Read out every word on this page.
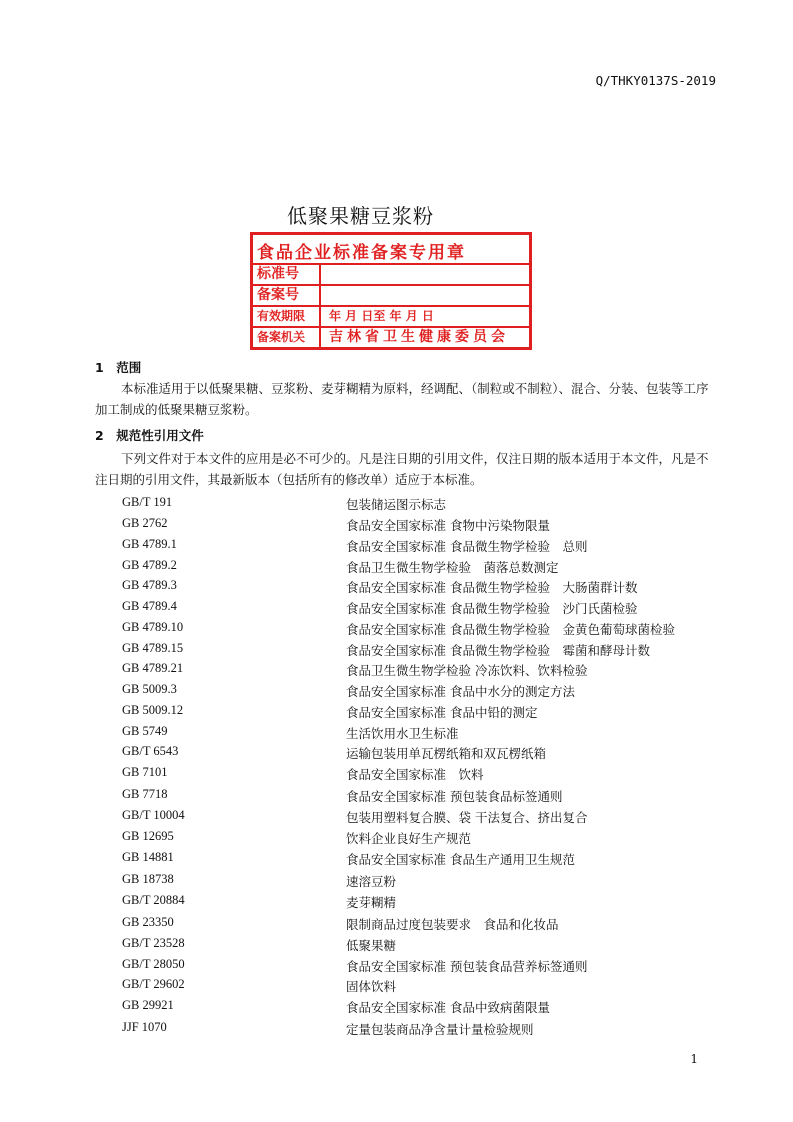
Q/THKY0137S-2019
低聚果糖豆浆粉
食品企业标准备案专用章
标准号
备案号
有效期限	年 月 日至 年 月 日
备案机关	吉林省卫生健康委员会
1　范围
本标准适用于以低聚果糖、豆浆粉、麦芽糊精为原料，经调配、（制粒或不制粒）、混合、分装、包装等工序加工制成的低聚果糖豆浆粉。
2　规范性引用文件
下列文件对于本文件的应用是必不可少的。凡是注日期的引用文件，仅注日期的版本适用于本文件，凡是不注日期的引用文件，其最新版本（包括所有的修改单）适应于本标准。
GB/T 191	包装储运图示标志
GB 2762	食品安全国家标准 食物中污染物限量
GB 4789.1	食品安全国家标准 食品微生物学检验　总则
GB 4789.2	食品卫生微生物学检验　菌落总数测定
GB 4789.3	食品安全国家标准 食品微生物学检验　大肠菌群计数
GB 4789.4	食品安全国家标准 食品微生物学检验　沙门氏菌检验
GB 4789.10	食品安全国家标准 食品微生物学检验　金黄色葡萄球菌检验
GB 4789.15	食品安全国家标准 食品微生物学检验　霉菌和酵母计数
GB 4789.21	食品卫生微生物学检验 冷冻饮料、饮料检验
GB 5009.3	食品安全国家标准 食品中水分的测定方法
GB 5009.12	食品安全国家标准 食品中铅的测定
GB 5749	生活饮用水卫生标准
GB/T 6543	运输包装用单瓦楞纸箱和双瓦楞纸箱
GB 7101	食品安全国家标准　饮料
GB 7718	食品安全国家标准 预包装食品标签通则
GB/T 10004	包装用塑料复合膜、袋 干法复合、挤出复合
GB 12695	饮料企业良好生产规范
GB 14881	食品安全国家标准 食品生产通用卫生规范
GB 18738	速溶豆粉
GB/T 20884	麦芽糊精
GB 23350	限制商品过度包装要求　食品和化妆品
GB/T 23528	低聚果糖
GB/T 28050	食品安全国家标准 预包装食品营养标签通则
GB/T 29602	固体饮料
GB 29921	食品安全国家标准 食品中致病菌限量
JJF 1070	定量包装商品净含量计量检验规则
1
